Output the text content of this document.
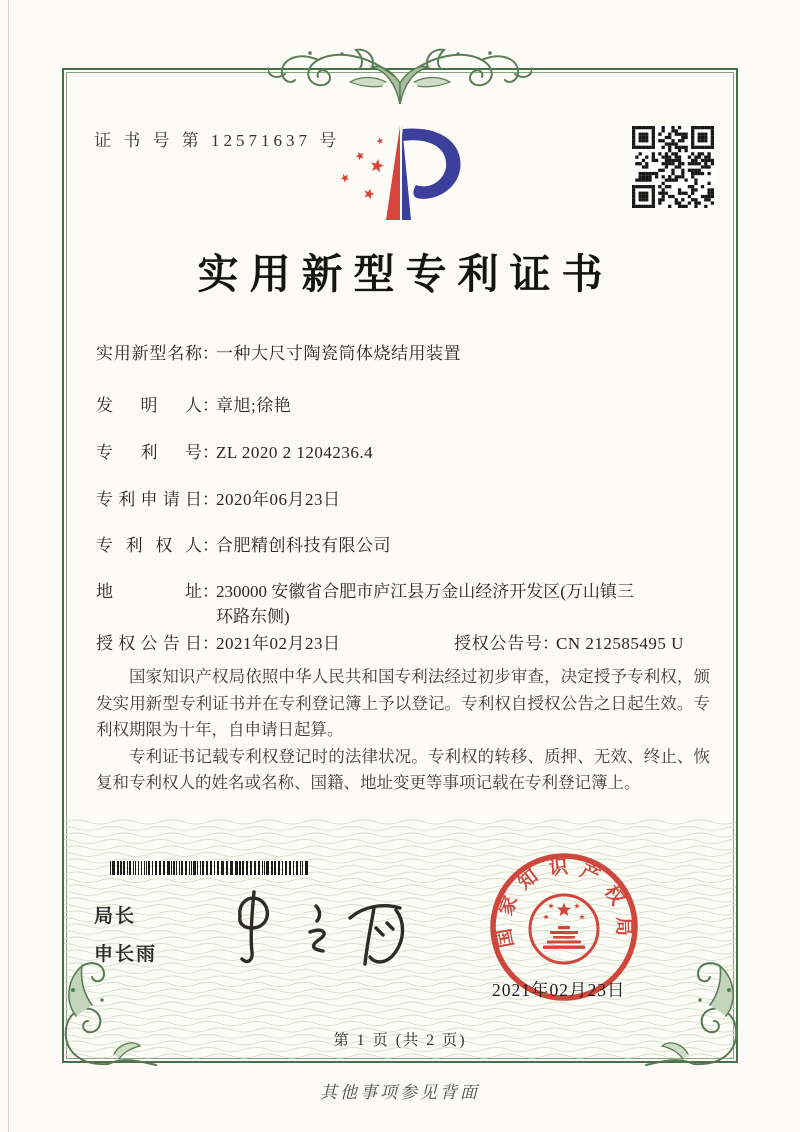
证 书 号 第 12571637 号
实用新型专利证书
实用新型名称：一种大尺寸陶瓷筒体烧结用装置
发明人：章旭;徐艳
专利号：ZL 2020 2 1204236.4
专利申请日：2020年06月23日
专利权人：合肥精创科技有限公司
地址：230000 安徽省合肥市庐江县万金山经济开发区(万山镇三
环路东侧)
授权公告日：2021年02月23日	授权公告号：CN 212585495 U

国家知识产权局依照中华人民共和国专利法经过初步审查，决定授予专利权，颁发实用新型专利证书并在专利登记簿上予以登记。专利权自授权公告之日起生效。专利权期限为十年，自申请日起算。

专利证书记载专利权登记时的法律状况。专利权的转移、质押、无效、终止、恢复和专利权人的姓名或名称、国籍、地址变更等事项记载在专利登记簿上。

局长
申长雨
国家知识产权局
2021年02月23日
第 1 页 (共 2 页)
其他事项参见背面
